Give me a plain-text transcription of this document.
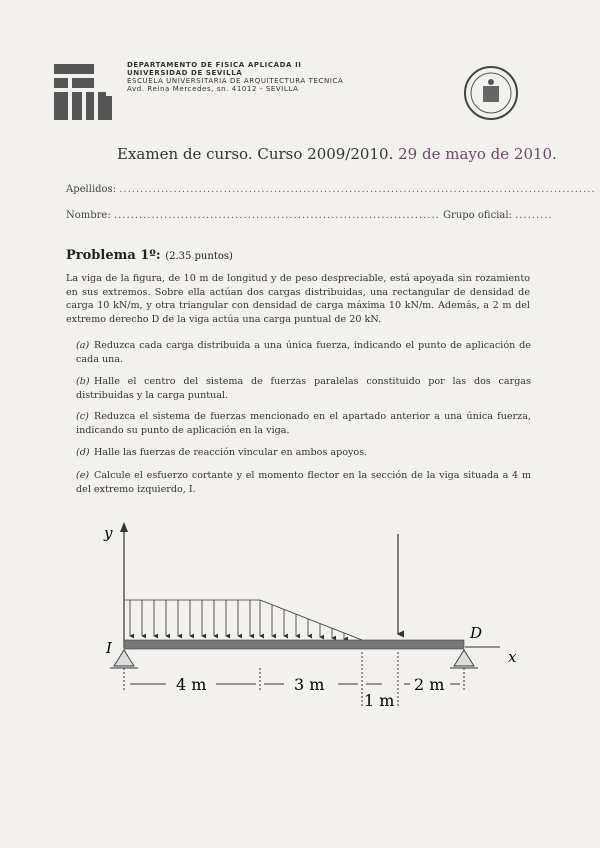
DEPARTAMENTO DE FISICA APLICADA II
UNIVERSIDAD DE SEVILLA
ESCUELA UNIVERSITARIA DE ARQUITECTURA TECNICA
Avd. Reina Mercedes, sn. 41012 - SEVILLA
Examen de curso. Curso 2009/2010. 29 de mayo de 2010.
Apellidos: ..................................................................................................................
Nombre: .............................................................................. Grupo oficial: .........
Problema 1º: (2.35 puntos)
La viga de la figura, de 10 m de longitud y de peso despreciable, está apoyada sin rozamiento en sus extremos. Sobre ella actúan dos cargas distribuidas, una rectangular de densidad de carga 10 kN/m, y otra triangular con densidad de carga máxima 10 kN/m. Además, a 2 m del extremo derecho D de la viga actúa una carga puntual de 20 kN.
(a) Reduzca cada carga distribuida a una única fuerza, indicando el punto de aplicación de cada una.
(b) Halle el centro del sistema de fuerzas paralelas constituido por las dos cargas distribuidas y la carga puntual.
(c) Reduzca el sistema de fuerzas mencionado en el apartado anterior a una única fuerza, indicando su punto de aplicación en la viga.
(d) Halle las fuerzas de reacción vincular en ambos apoyos.
(e) Calcule el esfuerzo cortante y el momento flector en la sección de la viga situada a 4 m del extremo izquierdo, I.
y
x
I
D
4 m	3 m
1 m
2 m
